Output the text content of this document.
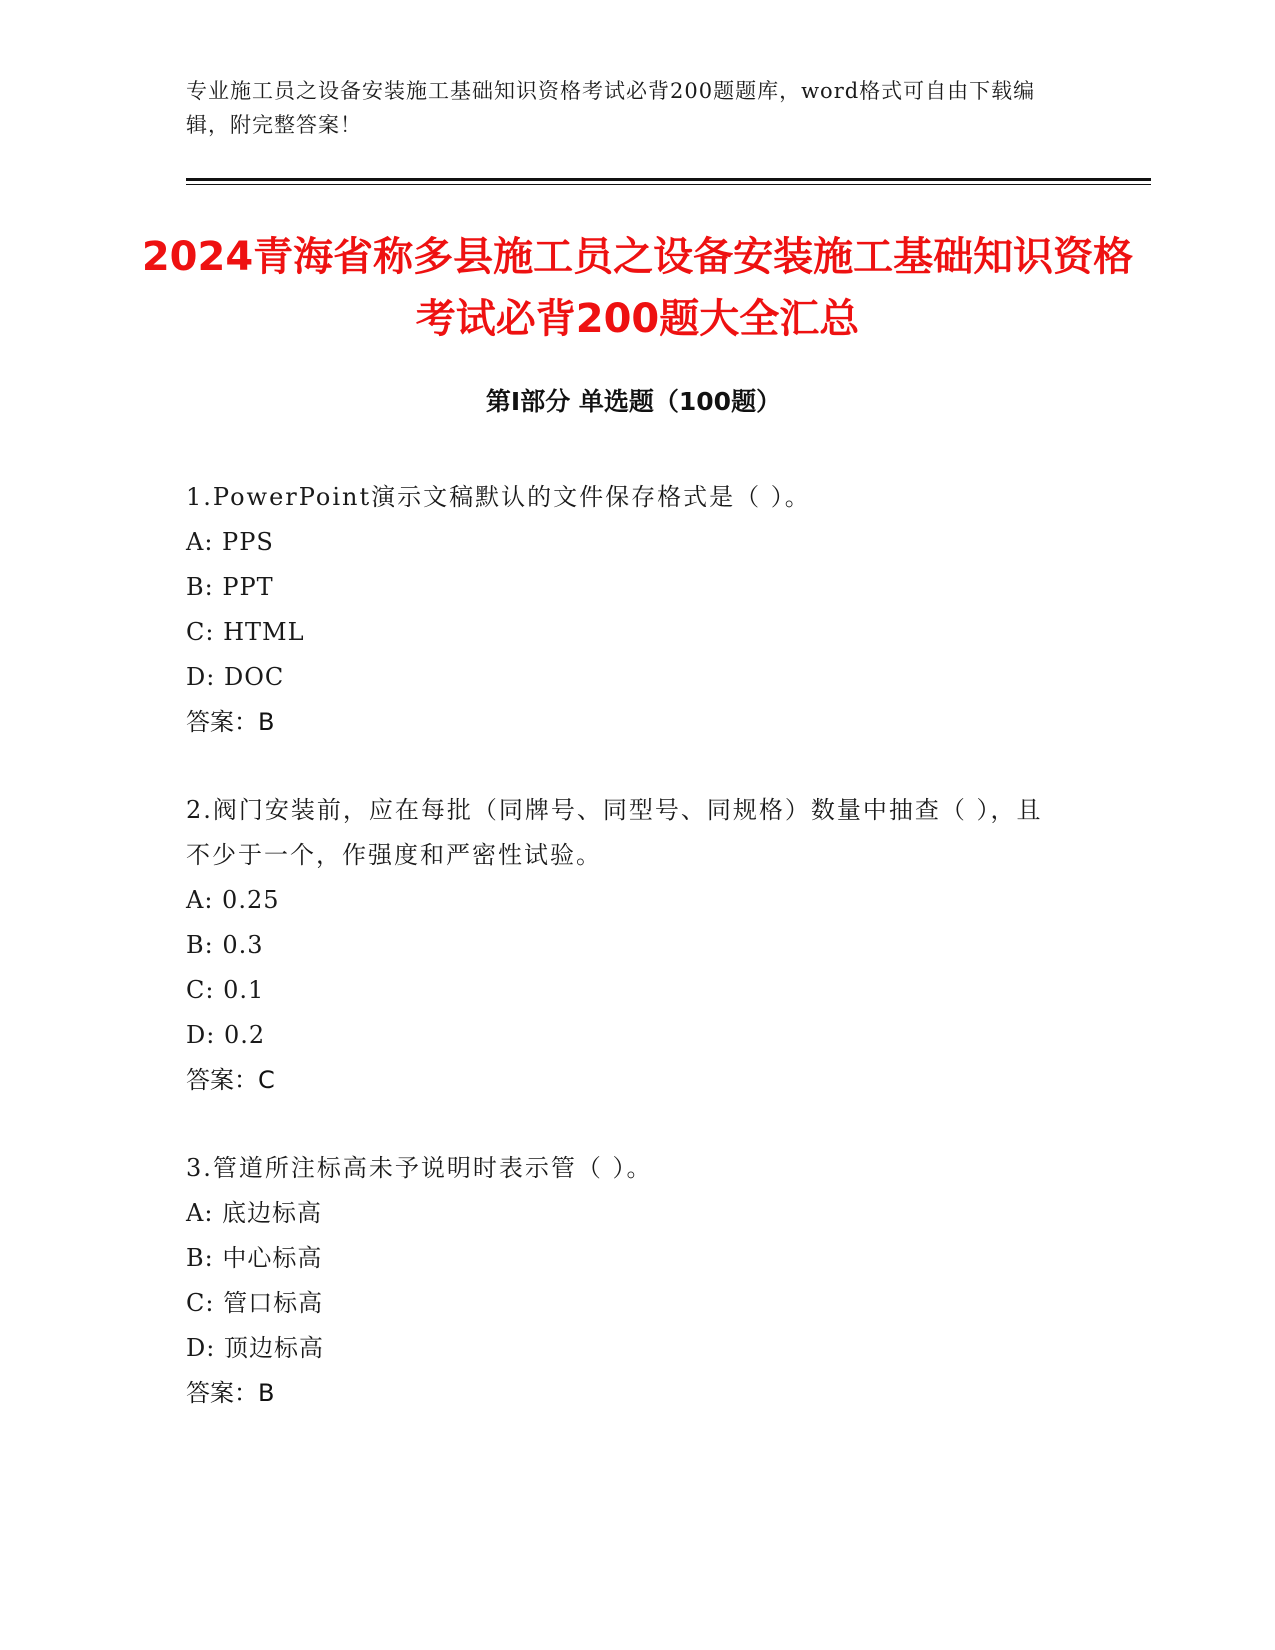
专业施工员之设备安装施工基础知识资格考试必背200题题库，word格式可自由下载编辑，附完整答案！
2024青海省称多县施工员之设备安装施工基础知识资格考试必背200题大全汇总
第Ⅰ部分 单选题（100题）
1.PowerPoint演示文稿默认的文件保存格式是（ ）。
A: PPS
B: PPT
C: HTML
D: DOC
答案：B
2.阀门安装前，应在每批（同牌号、同型号、同规格）数量中抽查（ ），且不少于一个，作强度和严密性试验。
A: 0.25
B: 0.3
C: 0.1
D: 0.2
答案：C
3.管道所注标高未予说明时表示管（ ）。
A: 底边标高
B: 中心标高
C: 管口标高
D: 顶边标高
答案：B
